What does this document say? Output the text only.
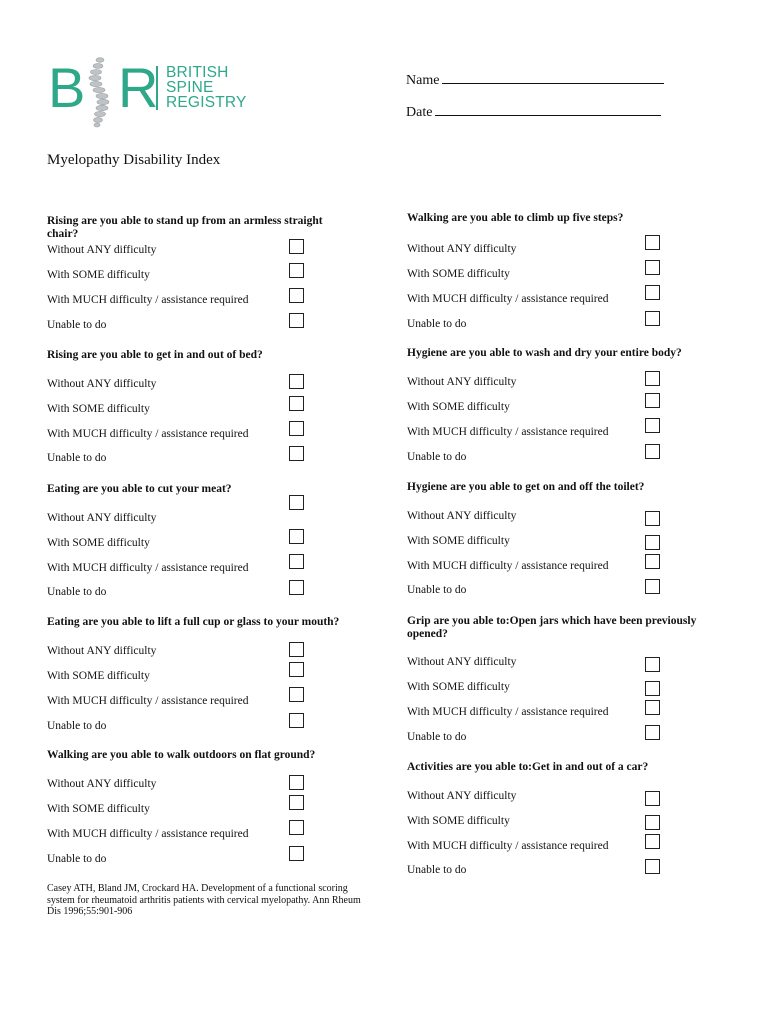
B R BRITISH
SPINE
REGISTRY
Name
Date
Myelopathy Disability Index
Rising are you able to stand up from an armless straight chair?
Without ANY difficulty
With SOME difficulty
With MUCH difficulty / assistance required
Unable to do
Rising are you able to get in and out of bed?
Without ANY difficulty
With SOME difficulty
With MUCH difficulty / assistance required
Unable to do
Eating are you able to cut your meat?
Without ANY difficulty
With SOME difficulty
With MUCH difficulty / assistance required
Unable to do
Eating are you able to lift a full cup or glass to your mouth?
Without ANY difficulty
With SOME difficulty
With MUCH difficulty / assistance required
Unable to do
Walking are you able to walk outdoors on flat ground?
Without ANY difficulty
With SOME difficulty
With MUCH difficulty / assistance required
Unable to do
Walking are you able to climb up five steps?
Without ANY difficulty
With SOME difficulty
With MUCH difficulty / assistance required
Unable to do
Hygiene are you able to wash and dry your entire body?
Without ANY difficulty
With SOME difficulty
With MUCH difficulty / assistance required
Unable to do
Hygiene are you able to get on and off the toilet?
Without ANY difficulty
With SOME difficulty
With MUCH difficulty / assistance required
Unable to do
Grip are you able to:Open jars which have been previously opened?
Without ANY difficulty
With SOME difficulty
With MUCH difficulty / assistance required
Unable to do
Activities are you able to:Get in and out of a car?
Without ANY difficulty
With SOME difficulty
With MUCH difficulty / assistance required
Unable to do
Casey ATH, Bland JM, Crockard HA. Development of a functional scoring system for rheumatoid arthritis patients with cervical myelopathy. Ann Rheum Dis 1996;55:901-906
